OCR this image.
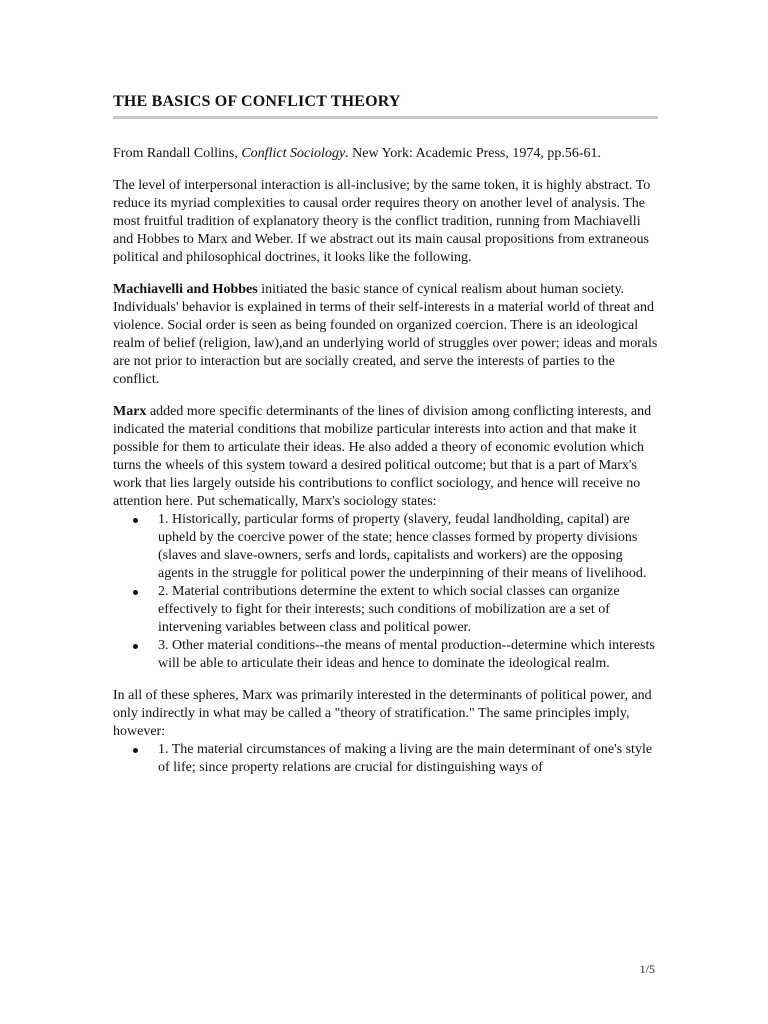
THE BASICS OF CONFLICT THEORY

From Randall Collins, Conflict Sociology. New York: Academic Press, 1974, pp.56-61.

The level of interpersonal interaction is all-inclusive; by the same token, it is highly abstract. To reduce its myriad complexities to causal order requires theory on another level of analysis. The most fruitful tradition of explanatory theory is the conflict tradition, running from Machiavelli and Hobbes to Marx and Weber. If we abstract out its main causal propositions from extraneous political and philosophical doctrines, it looks like the following.

Machiavelli and Hobbes initiated the basic stance of cynical realism about human society. Individuals' behavior is explained in terms of their self-interests in a material world of threat and violence. Social order is seen as being founded on organized coercion. There is an ideological realm of belief (religion, law),and an underlying world of struggles over power; ideas and morals are not prior to interaction but are socially created, and serve the interests of parties to the conflict.

Marx added more specific determinants of the lines of division among conflicting interests, and indicated the material conditions that mobilize particular interests into action and that make it possible for them to articulate their ideas. He also added a theory of economic evolution which turns the wheels of this system toward a desired political outcome; but that is a part of Marx's work that lies largely outside his contributions to conflict sociology, and hence will receive no attention here. Put schematically, Marx's sociology states:

1. Historically, particular forms of property (slavery, feudal landholding, capital) are upheld by the coercive power of the state; hence classes formed by property divisions (slaves and slave-owners, serfs and lords, capitalists and workers) are the opposing agents in the struggle for political power the underpinning of their means of livelihood.
2. Material contributions determine the extent to which social classes can organize effectively to fight for their interests; such conditions of mobilization are a set of intervening variables between class and political power.
3. Other material conditions--the means of mental production--determine which interests will be able to articulate their ideas and hence to dominate the ideological realm.

In all of these spheres, Marx was primarily interested in the determinants of political power, and only indirectly in what may be called a "theory of stratification." The same principles imply, however:

1. The material circumstances of making a living are the main determinant of one's style of life; since property relations are crucial for distinguishing ways of
1/5
